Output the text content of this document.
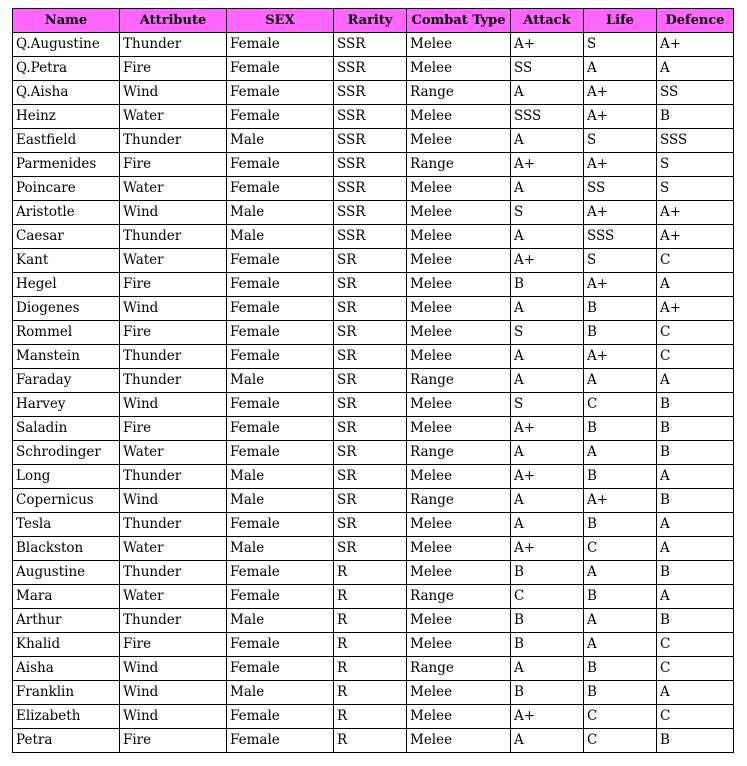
Name	Attribute	SEX	Rarity	Combat Type	Attack	Life	Defence
Q.Augustine	Thunder	Female	SSR	Melee	A+	S	A+
Q.Petra	Fire	Female	SSR	Melee	SS	A	A
Q.Aisha	Wind	Female	SSR	Range	A	A+	SS
Heinz	Water	Female	SSR	Melee	SSS	A+	B
Eastfield	Thunder	Male	SSR	Melee	A	S	SSS
Parmenides	Fire	Female	SSR	Range	A+	A+	S
Poincare	Water	Female	SSR	Melee	A	SS	S
Aristotle	Wind	Male	SSR	Melee	S	A+	A+
Caesar	Thunder	Male	SSR	Melee	A	SSS	A+
Kant	Water	Female	SR	Melee	A+	S	C
Hegel	Fire	Female	SR	Melee	B	A+	A
Diogenes	Wind	Female	SR	Melee	A	B	A+
Rommel	Fire	Female	SR	Melee	S	B	C
Manstein	Thunder	Female	SR	Melee	A	A+	C
Faraday	Thunder	Male	SR	Range	A	A	A
Harvey	Wind	Female	SR	Melee	S	C	B
Saladin	Fire	Female	SR	Melee	A+	B	B
Schrodinger	Water	Female	SR	Range	A	A	B
Long	Thunder	Male	SR	Melee	A+	B	A
Copernicus	Wind	Male	SR	Range	A	A+	B
Tesla	Thunder	Female	SR	Melee	A	B	A
Blackston	Water	Male	SR	Melee	A+	C	A
Augustine	Thunder	Female	R	Melee	B	A	B
Mara	Water	Female	R	Range	C	B	A
Arthur	Thunder	Male	R	Melee	B	A	B
Khalid	Fire	Female	R	Melee	B	A	C
Aisha	Wind	Female	R	Range	A	B	C
Franklin	Wind	Male	R	Melee	B	B	A
Elizabeth	Wind	Female	R	Melee	A+	C	C
Petra	Fire	Female	R	Melee	A	C	B
